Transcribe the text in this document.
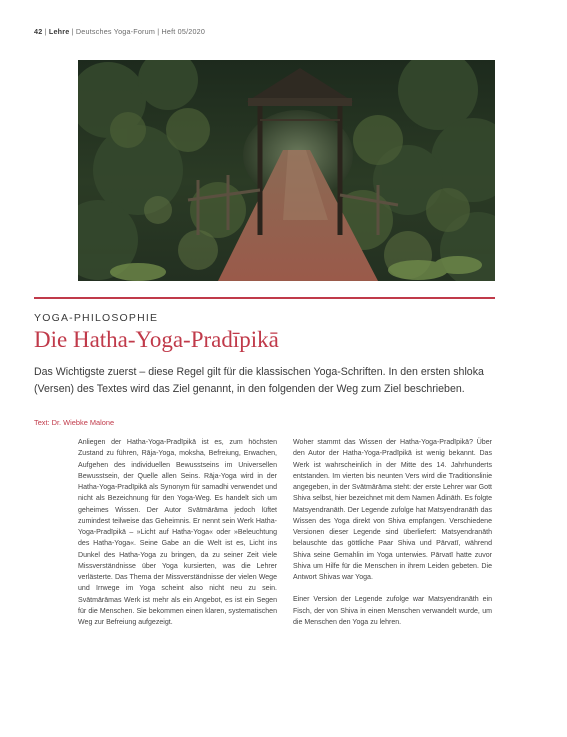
42 | Lehre | Deutsches Yoga-Forum | Heft 05/2020
YOGA-PHILOSOPHIE
Die Hatha-Yoga-Pradīpikā
Das Wichtigste zuerst – diese Regel gilt für die klassischen Yoga-Schriften. In den ersten shloka (Versen) des Textes wird das Ziel genannt, in den folgenden der Weg zum Ziel beschrieben.
Text: Dr. Wiebke Malone

Anliegen der Hatha-Yoga-Pradīpikā ist es, zum höchsten Zustand zu führen, Rāja-Yoga, moksha, Befreiung, Erwachen, Aufgehen des individuellen Bewusstseins im Universellen Bewusstsein, der Quelle allen Seins. Rāja-Yoga wird in der Hatha-Yoga-Pradīpikā als Synonym für samadhi verwendet und nicht als Bezeichnung für den Yoga-Weg. Es handelt sich um geheimes Wissen. Der Autor Svātmārāma jedoch lüftet zumindest teilweise das Geheimnis. Er nennt sein Werk Hatha-Yoga-Pradīpikā – »Licht auf Hatha-Yoga« oder »Beleuchtung des Hatha-Yoga«. Seine Gabe an die Welt ist es, Licht ins Dunkel des Hatha-Yoga zu bringen, da zu seiner Zeit viele Missverständnisse über Yoga kursierten, was die Lehrer verlästerte. Das Thema der Missverständnisse der vielen Wege und Irrwege im Yoga scheint also nicht neu zu sein. Svātmārāmas Werk ist mehr als ein Angebot, es ist ein Segen für die Menschen. Sie bekommen einen klaren, systematischen Weg zur Befreiung aufgezeigt.

Woher stammt das Wissen der Hatha-Yoga-Pradīpikā? Über den Autor der Hatha-Yoga-Pradīpikā ist wenig bekannt. Das Werk ist wahrscheinlich in der Mitte des 14. Jahrhunderts entstanden. Im vierten bis neunten Vers wird die Traditionslinie angegeben, in der Svātmārāma steht: der erste Lehrer war Gott Shiva selbst, hier bezeichnet mit dem Namen Ādināth. Es folgte Matsyendranāth. Der Legende zufolge hat Matsyendranāth das Wissen des Yoga direkt von Shiva empfangen. Verschiedene Versionen dieser Legende sind überliefert: Matsyendranāth belauschte das göttliche Paar Shiva und Pārvatī, während Shiva seine Gemahlin im Yoga unterwies. Pārvatī hatte zuvor Shiva um Hilfe für die Menschen in ihrem Leiden gebeten. Die Antwort Shivas war Yoga.

Einer Version der Legende zufolge war Matsyendranāth ein Fisch, der von Shiva in einen Menschen verwandelt wurde, um die Menschen den Yoga zu lehren.
